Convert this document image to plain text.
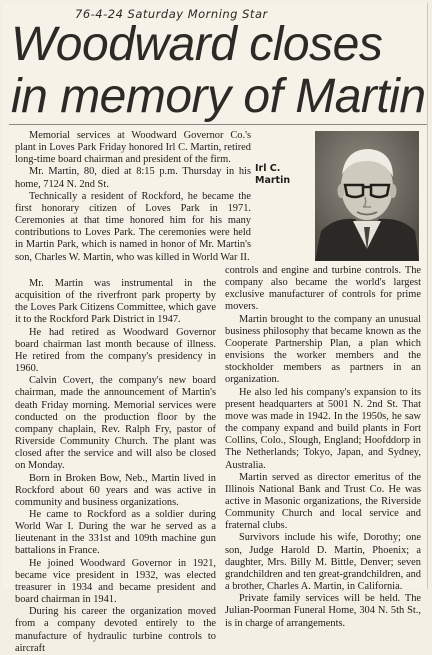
76-4-24 Saturday Morning Star
Woodward closes
in memory of Martin

Memorial services at Woodward Governor Co.'s plant in Loves Park Friday honored Irl C. Martin, retired long-time board chairman and president of the firm.

Mr. Martin, 80, died at 8:15 p.m. Thursday in his home, 7124 N. 2nd St.

Technically a resident of Rockford, he became the first honorary citizen of Loves Park in 1971. Ceremonies at that time honored him for his many contributions to Loves Park. The ceremonies were held in Martin Park, which is named in honor of Mr. Martin's son, Charles W. Martin, who was killed in World War II.

Irl C.
Martin

Mr. Martin was instrumental in the acquisition of the riverfront park property by the Loves Park Citizens Committee, which gave it to the Rockford Park District in 1947.

He had retired as Woodward Governor board chairman last month because of illness. He retired from the company's presidency in 1960.

Calvin Covert, the company's new board chairman, made the announcement of Martin's death Friday morning. Memorial services were conducted on the production floor by the company chaplain, Rev. Ralph Fry, pastor of Riverside Community Church. The plant was closed after the service and will also be closed on Monday.

Born in Broken Bow, Neb., Martin lived in Rockford about 60 years and was active in community and business organizations.

He came to Rockford as a soldier during World War I. During the war he served as a lieutenant in the 331st and 109th machine gun battalions in France.

He joined Woodward Governor in 1921, became vice president in 1932, was elected treasurer in 1934 and became president and board chairman in 1941.

During his career the organization moved from a company devoted entirely to the manufacture of hydraulic turbine controls to aircraft

controls and engine and turbine controls. The company also became the world's largest exclusive manufacturer of controls for prime movers.

Martin brought to the company an unusual business philosophy that became known as the Cooperate Partnership Plan, a plan which envisions the worker members and the stockholder members as partners in an organization.

He also led his company's expansion to its present headquarters at 5001 N. 2nd St. That move was made in 1942. In the 1950s, he saw the company expand and build plants in Fort Collins, Colo., Slough, England; Hoofddorp in The Netherlands; Tokyo, Japan, and Sydney, Australia.

Martin served as director emeritus of the Illinois National Bank and Trust Co. He was active in Masonic organizations, the Riverside Community Church and local service and fraternal clubs.

Survivors include his wife, Dorothy; one son, Judge Harold D. Martin, Phoenix; a daughter, Mrs. Billy M. Bittle, Denver; seven grandchildren and ten great-grandchildren, and a brother, Charles A. Martin, in California.

Private family services will be held. The Julian-Poorman Funeral Home, 304 N. 5th St., is in charge of arrangements.
